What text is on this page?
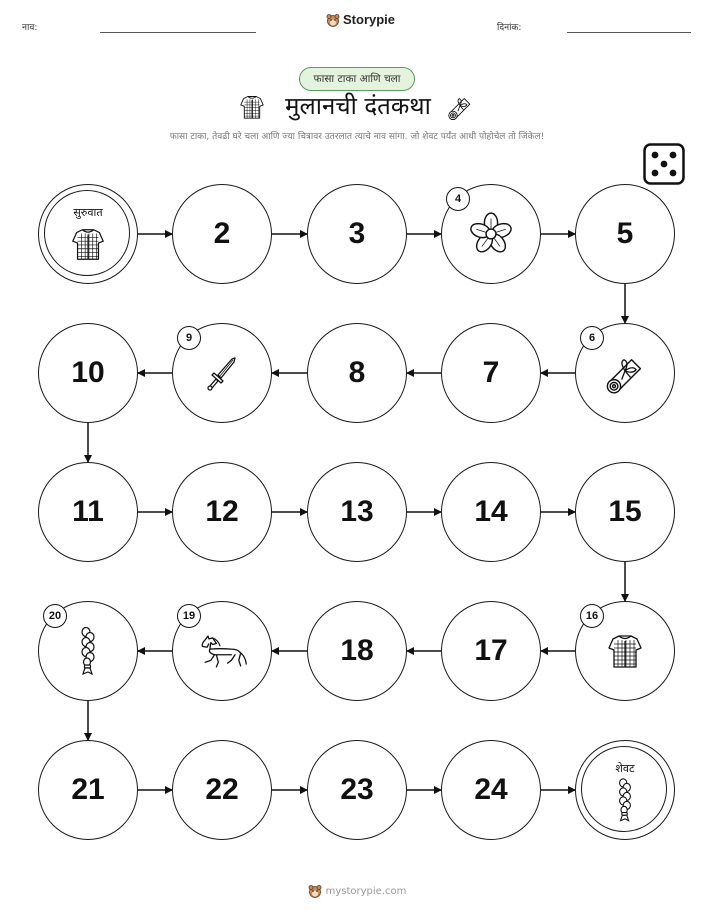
नाव:
Storypie
दिनांक:
फासा टाका आणि चला
मुलानची दंतकथा
फासा टाका, तेवढी घरे चला आणि ज्या चित्रावर उतरलात त्याचे नाव सांगा. जो शेवट पर्यंत आधी पोहोचेल तो जिंकेल!
सुरुवात
2	3
4
5
6
7
8
9
10
11	12	13	14	15
16
17
18
19
20
21	22	23	24
शेवट
mystorypie.com
